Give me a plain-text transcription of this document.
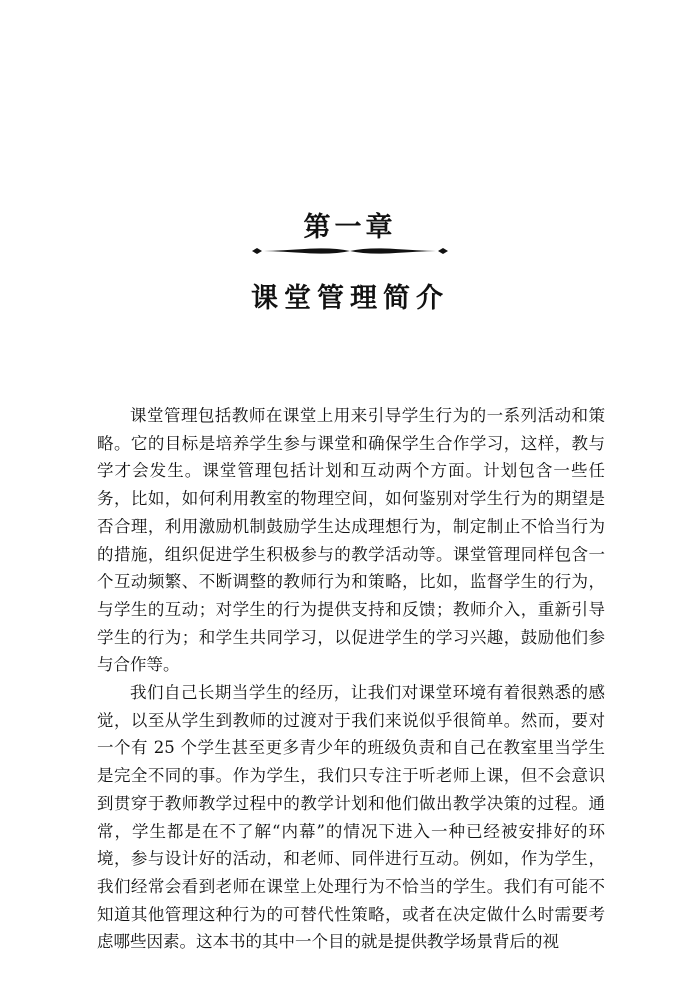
第一章
课堂管理简介

课堂管理包括教师在课堂上用来引导学生行为的一系列活动和策略。它的目标是培养学生参与课堂和确保学生合作学习，这样，教与学才会发生。课堂管理包括计划和互动两个方面。计划包含一些任务，比如，如何利用教室的物理空间，如何鉴别对学生行为的期望是否合理，利用激励机制鼓励学生达成理想行为，制定制止不恰当行为的措施，组织促进学生积极参与的教学活动等。课堂管理同样包含一个互动频繁、不断调整的教师行为和策略，比如，监督学生的行为，与学生的互动；对学生的行为提供支持和反馈；教师介入，重新引导学生的行为；和学生共同学习，以促进学生的学习兴趣，鼓励他们参与合作等。

我们自己长期当学生的经历，让我们对课堂环境有着很熟悉的感觉，以至从学生到教师的过渡对于我们来说似乎很简单。然而，要对一个有 25 个学生甚至更多青少年的班级负责和自己在教室里当学生是完全不同的事。作为学生，我们只专注于听老师上课，但不会意识到贯穿于教师教学过程中的教学计划和他们做出教学决策的过程。通常，学生都是在不了解“内幕”的情况下进入一种已经被安排好的环境，参与设计好的活动，和老师、同伴进行互动。例如，作为学生，我们经常会看到老师在课堂上处理行为不恰当的学生。我们有可能不知道其他管理这种行为的可替代性策略，或者在决定做什么时需要考虑哪些因素。这本书的其中一个目的就是提供教学场景背后的视
